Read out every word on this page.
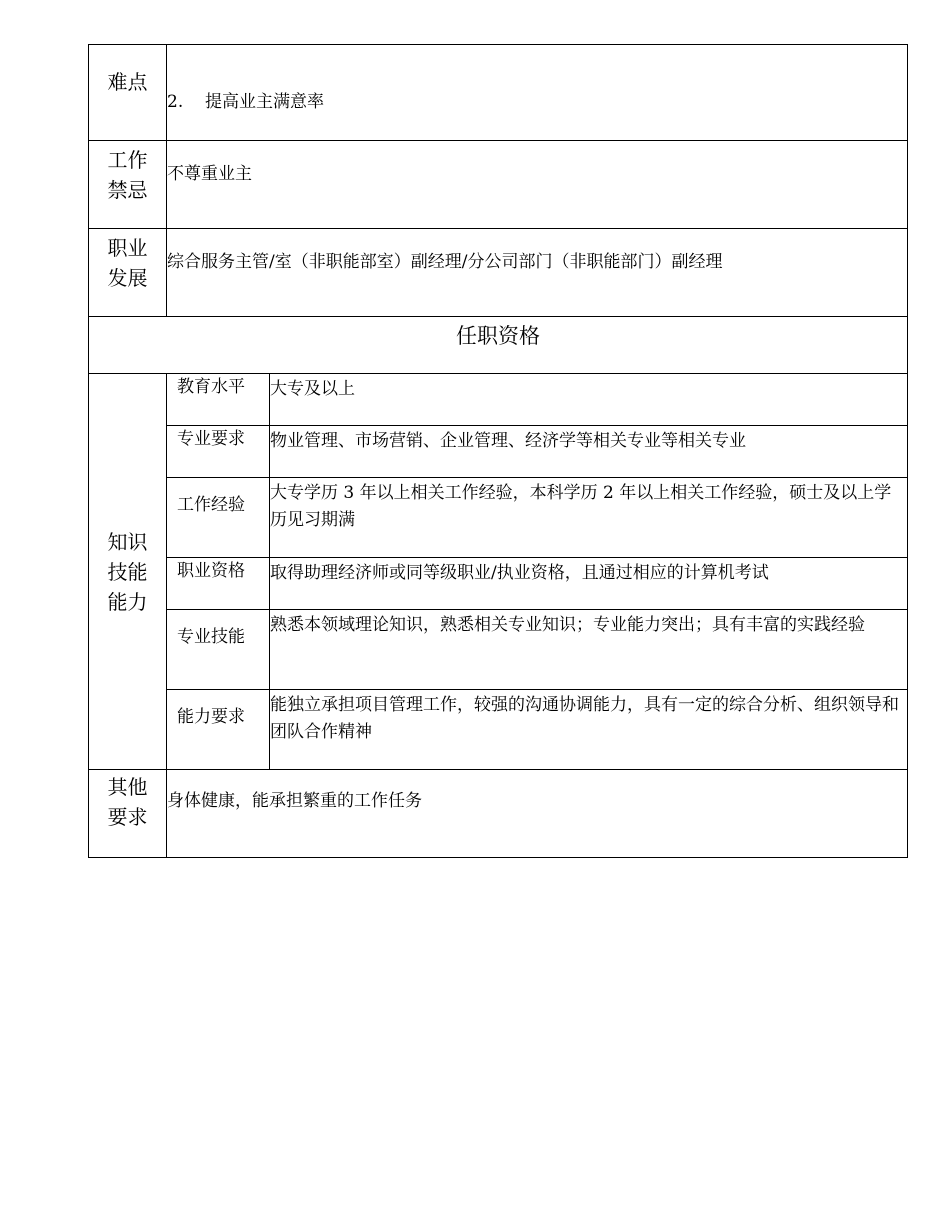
难点	2. 提高业主满意率	

工作
禁忌	不尊重业主	

职业
发展	综合服务主管/室（非职能部室）副经理/分公司部门（非职能部门）副经理	
任职资格		

知识
技能
能力	教育水平	大专及以上
	专业要求	物业管理、市场营销、企业管理、经济学等相关专业等相关专业
	工作经验	大专学历 3 年以上相关工作经验，本科学历 2 年以上相关工作经验，硕士及以上学历见习期满
	职业资格	取得助理经济师或同等级职业/执业资格，且通过相应的计算机考试
	专业技能	熟悉本领域理论知识，熟悉相关专业知识；专业能力突出；具有丰富的实践经验
	能力要求	能独立承担项目管理工作，较强的沟通协调能力，具有一定的综合分析、组织领导和团队合作精神

其他
要求	身体健康，能承担繁重的工作任务	
